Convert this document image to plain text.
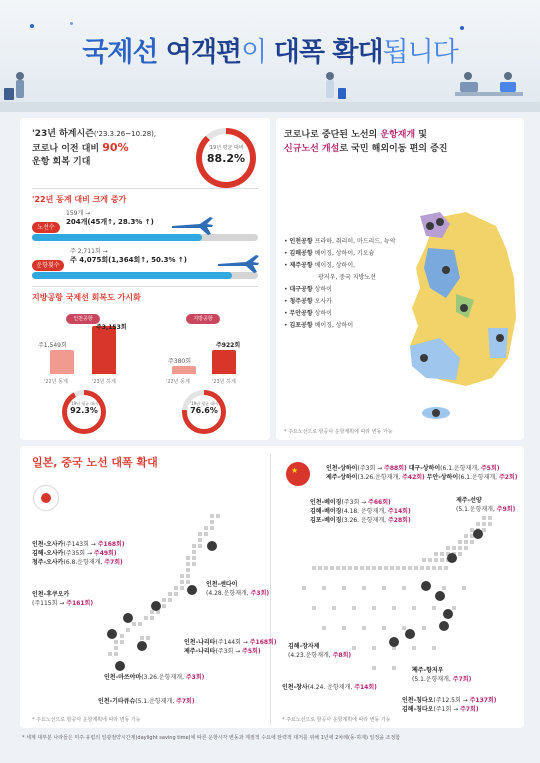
국제선 여객편이 대폭 확대됩니다
'23년 하계시즌('23.3.26~10.28),
코로나 이전 대비 90%
운항 회복 기대
'19년 평균 대비
88.2%
'22년 동계 대비 크게 증가
노선수
159개 →
204개(45개↑, 28.3% ↑)
운항횟수
주 2,711회 →
주 4,075회(1,364회↑, 50.3% ↑)
지방공항 국제선 회복도 가시화
인천공항
주1,549회
주3,153회
'22년 동계	'23년 하계
'19년 평균 대비
92.3%
지방공항
주380회
주922회
'22년 동계	'23년 하계
'19년 평균 대비
76.6%
코로나로 중단된 노선의 운항재개 및
신규노선 개설로 국민 해외이동 편의 증진
• 인천공항 프라하, 취리히, 마드리드, 뉴악
• 김해공항 베이징, 상하이, 기오슝
• 제주공항 베이징, 상하이,
광저우, 중국 지방노선
• 대구공항 상하이
• 청주공항 오사카
• 무안공항 상하이
• 김포공항 베이징, 상하이
* 주요노선으로 항공사 운항계획에 따라 변동 가능
일본, 중국 노선 대폭 확대
인천-오사카(주143회 → 주168회)
김해-오사카(주35회 → 주49회)
청주-오사카(6.8.운항재개, 주7회)
인천-후쿠오카
(주115회 → 주161회)
인천-센다이
(4.28.운항재개, 주3회)
인천-나리타(주144회 → 주168회)
제주-나리타(주3회 → 주5회)
인천-마쓰야마(3.26.운항재개, 주3회)
인천-기타큐슈(5.1.운항재개, 주7회)
* 주요노선으로 항공사 운항계획에 따라 변동 가능
★	인천-상하이(주3회 → 주88회) 대구-상하이(6.1.운항재개, 주5회)
제주-상하이(3.26.운항재개, 주42회) 무안-상하이(6.1.운항재개, 주2회)
인천-베이징(주3회 → 주66회)
김해-베이징(4.18. 운항재개, 주14회)
김포-베이징(3.26. 운항재개, 주28회)
제주-선양
(5.1.운항재개, 주9회)
김해-장자제
(4.23.운항재개, 주8회)
인천-창사(4.24. 운항재개, 주14회)
제주-항저우
(5.1.운항재개, 주7회)
인천-칭다오(주12.5회 → 주137회)
김해-칭다오(주1회 → 주7회)
* 주요노선으로 항공사 운항계획에 따라 변동 가능
* 세계 대부분 나라들은 미주·유럽의 일광절약시간제(daylight saving time)에 따른 운항시각 변동과 계절적 수요에 탄력적 대처를 위해 1년에 2차례(동·하계) 일정을 조정함
